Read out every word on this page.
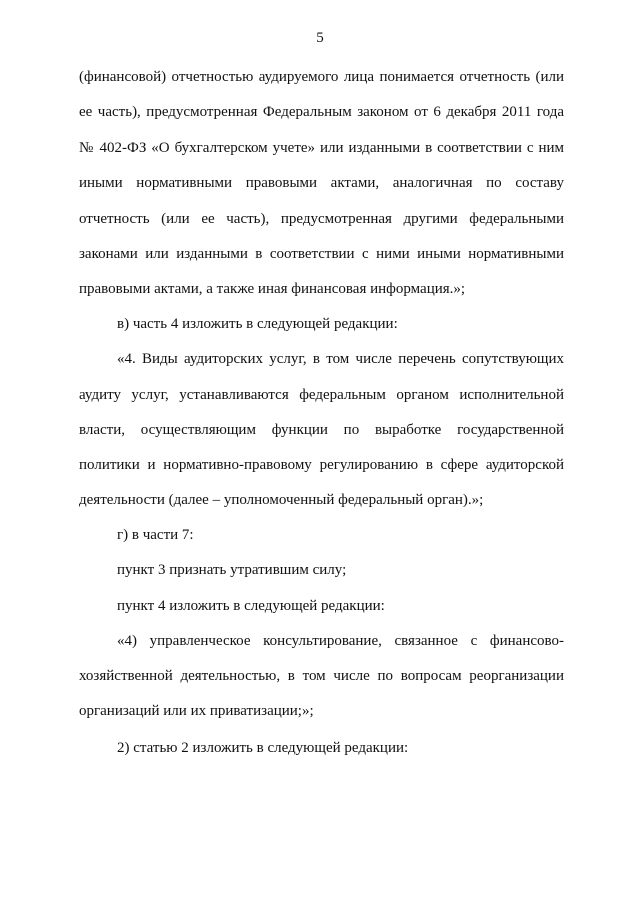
5
(финансовой) отчетностью аудируемого лица понимается отчетность (или
ее часть), предусмотренная Федеральным законом от 6 декабря 2011 года
№ 402-ФЗ «О бухгалтерском учете» или изданными в соответствии с ним
иными нормативными правовыми актами, аналогичная по составу
отчетность (или ее часть), предусмотренная другими федеральными
законами или изданными в соответствии с ними иными нормативными
правовыми актами, а также иная финансовая информация.»;
в) часть 4 изложить в следующей редакции:
«4. Виды аудиторских услуг, в том числе перечень сопутствующих
аудиту услуг, устанавливаются федеральным органом исполнительной
власти, осуществляющим функции по выработке государственной
политики и нормативно-правовому регулированию в сфере аудиторской
деятельности (далее – уполномоченный федеральный орган).»;
г) в части 7:
пункт 3 признать утратившим силу;
пункт 4 изложить в следующей редакции:
«4) управленческое консультирование, связанное с финансово-
хозяйственной деятельностью, в том числе по вопросам реорганизации
организаций или их приватизации;»;
2) статью 2 изложить в следующей редакции:
